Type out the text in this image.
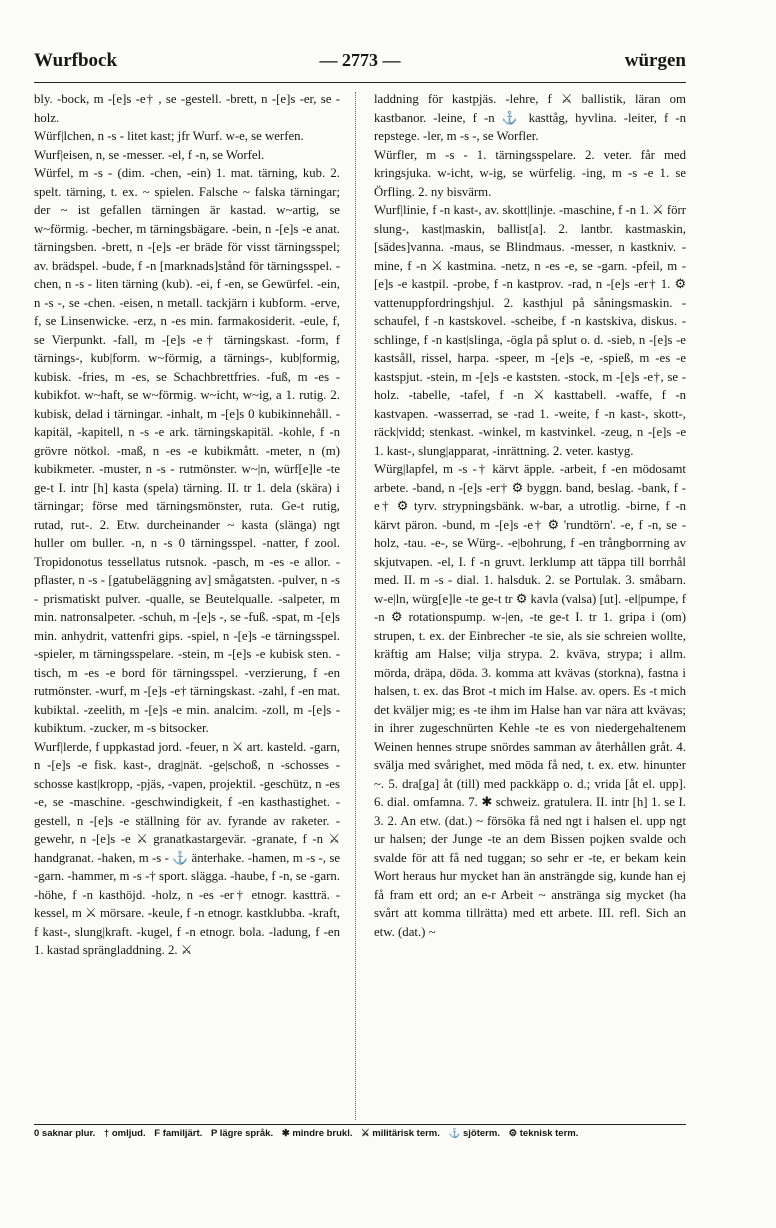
Wurfbock	— 2773 —	würgen

bly. -bock, m -[e]s -e† , se -gestell. -brett, n -[e]s -er, se -holz.

Würf|lchen, n -s - litet kast; jfr Wurf. w-e, se werfen.

Wurf|eisen, n, se -messer. -el, f -n, se Worfel.

Würfel, m -s - (dim. -chen, -ein) 1. mat. tärning, kub. 2. spelt. tärning, t. ex. ~ spielen. Falsche ~ falska tärningar; der ~ ist gefallen tärningen är kastad. w~artig, se w~förmig. -becher, m tärningsbägare. -bein, n -[e]s -e anat. tärningsben. -brett, n -[e]s -er bräde för visst tärningsspel; av. brädspel. -bude, f -n [marknads]stånd för tärningsspel. -chen, n -s - liten tärning (kub). -ei, f -en, se Gewürfel. -ein, n -s -, se -chen. -eisen, n metall. tackjärn i kubform. -erve, f, se Linsenwicke. -erz, n -es min. farmakosiderit. -eule, f, se Vierpunkt. -fall, m -[e]s -e† tärningskast. -form, f tärnings-, kub|form. w~förmig, a tärnings-, kub|formig, kubisk. -fries, m -es, se Schachbrettfries. -fuß, m -es - kubikfot. w~haft, se w~förmig. w~icht, w~ig, a 1. rutig. 2. kubisk, delad i tärningar. -inhalt, m -[e]s 0 kubikinnehåll. -kapitäl, -kapitell, n -s -e ark. tärningskapitäl. -kohle, f -n grövre nötkol. -maß, n -es -e kubikmått. -meter, n (m) kubikmeter. -muster, n -s - rutmönster. w~|n, würf[e]le -te ge-t I. intr [h] kasta (spela) tärning. II. tr 1. dela (skära) i tärningar; förse med tärningsmönster, ruta. Ge-t rutig, rutad, rut-. 2. Etw. durcheinander ~ kasta (slänga) ngt huller om buller. -n, n -s 0 tärningsspel. -natter, f zool. Tropidonotus tessellatus rutsnok. -pasch, m -es -e allor. -pflaster, n -s - [gatubeläggning av] smågatsten. -pulver, n -s - prismatiskt pulver. -qualle, se Beutelqualle. -salpeter, m min. natronsalpeter. -schuh, m -[e]s -, se -fuß. -spat, m -[e]s min. anhydrit, vattenfri gips. -spiel, n -[e]s -e tärningsspel. -spieler, m tärningsspelare. -stein, m -[e]s -e kubisk sten. -tisch, m -es -e bord för tärningsspel. -verzierung, f -en rutmönster. -wurf, m -[e]s -e† tärningskast. -zahl, f -en mat. kubiktal. -zeelith, m -[e]s -e min. analcim. -zoll, m -[e]s - kubiktum. -zucker, m -s bitsocker.

Wurf|lerde, f uppkastad jord. -feuer, n ⚔ art. kasteld. -garn, n -[e]s -e fisk. kast-, drag|nät. -ge|schoß, n -schosses -schosse kast|kropp, -pjäs, -vapen, projektil. -geschütz, n -es -e, se -maschine. -geschwindigkeit, f -en kasthastighet. -gestell, n -[e]s -e ställning för av. fyrande av raketer. -gewehr, n -[e]s -e ⚔ granatkastargevär. -granate, f -n ⚔ handgranat. -haken, m -s - ⚓ änterhake. -hamen, m -s -, se -garn. -hammer, m -s -† sport. slägga. -haube, f -n, se -garn. -höhe, f -n kasthöjd. -holz, n -es -er† etnogr. kastträ. -kessel, m ⚔ mörsare. -keule, f -n etnogr. kastklubba. -kraft, f kast-, slung|kraft. -kugel, f -n etnogr. bola. -ladung, f -en 1. kastad sprängladdning. 2. ⚔

laddning för kastpjäs. -lehre, f ⚔ ballistik, läran om kastbanor. -leine, f -n ⚓ kasttåg, hyvlina. -leiter, f -n repstege. -ler, m -s -, se Worfler.

Würfler, m -s - 1. tärningsspelare. 2. veter. får med kringsjuka. w-icht, w-ig, se würfelig. -ing, m -s -e 1. se Örfling. 2. ny bisvärm.

Wurf|linie, f -n kast-, av. skott|linje. -maschine, f -n 1. ⚔ förr slung-, kast|maskin, ballist[a]. 2. lantbr. kastmaskin, [sädes]vanna. -maus, se Blindmaus. -messer, n kastkniv. -mine, f -n ⚔ kastmina. -netz, n -es -e, se -garn. -pfeil, m -[e]s -e kastpil. -probe, f -n kastprov. -rad, n -[e]s -er† 1. ⚙ vattenuppfordringshjul. 2. kasthjul på såningsmaskin. -schaufel, f -n kastskovel. -scheibe, f -n kastskiva, diskus. -schlinge, f -n kast|slinga, -ögla på splut o. d. -sieb, n -[e]s -e kastsåll, rissel, harpa. -speer, m -[e]s -e, -spieß, m -es -e kastspjut. -stein, m -[e]s -e kaststen. -stock, m -[e]s -e†, se -holz. -tabelle, -tafel, f -n ⚔ kasttabell. -waffe, f -n kastvapen. -wasserrad, se -rad 1. -weite, f -n kast-, skott-, räck|vidd; stenkast. -winkel, m kastvinkel. -zeug, n -[e]s -e 1. kast-, slung|apparat, -inrättning. 2. veter. kastyg.

Würg|lapfel, m -s -† kärvt äpple. -arbeit, f -en mödosamt arbete. -band, n -[e]s -er† ⚙ byggn. band, beslag. -bank, f -e† ⚙ tyrv. strypningsbänk. w-bar, a utrotlig. -birne, f -n kärvt päron. -bund, m -[e]s -e† ⚙ 'rundtörn'. -e, f -n, se -holz, -tau. -e-, se Würg-. -e|bohrung, f -en trångborrning av skjutvapen. -el, I. f -n gruvt. lerklump att täppa till borrhål med. II. m -s - dial. 1. halsduk. 2. se Portulak. 3. småbarn. w-e|ln, würg[e]le -te ge-t tr ⚙ kavla (valsa) [ut]. -el|pumpe, f -n ⚙ rotationspump. w-|en, -te ge-t I. tr 1. gripa i (om) strupen, t. ex. der Einbrecher -te sie, als sie schreien wollte, kräftig am Halse; vilja strypa. 2. kväva, strypa; i allm. mörda, dräpa, döda. 3. komma att kvävas (storkna), fastna i halsen, t. ex. das Brot -t mich im Halse. av. opers. Es -t mich det kväljer mig; es -te ihm im Halse han var nära att kvävas; in ihrer zugeschnürten Kehle -te es von niedergehaltenem Weinen hennes strupe snördes samman av återhållen gråt. 4. svälja med svårighet, med möda få ned, t. ex. etw. hinunter ~. 5. dra[ga] åt (till) med packkäpp o. d.; vrida [åt el. upp]. 6. dial. omfamna. 7. ✱ schweiz. gratulera. II. intr [h] 1. se I. 3. 2. An etw. (dat.) ~ försöka få ned ngt i halsen el. upp ngt ur halsen; der Junge -te an dem Bissen pojken svalde och svalde för att få ned tuggan; so sehr er -te, er bekam kein Wort heraus hur mycket han än ansträngde sig, kunde han ej få fram ett ord; an e-r Arbeit ~ anstränga sig mycket (ha svårt att komma tillrätta) med ett arbete. III. refl. Sich an etw. (dat.) ~

0 saknar plur. † omljud. F familjärt. P lägre språk. ✱ mindre brukl. ⚔ militärisk term. ⚓ sjöterm. ⚙ teknisk term.
